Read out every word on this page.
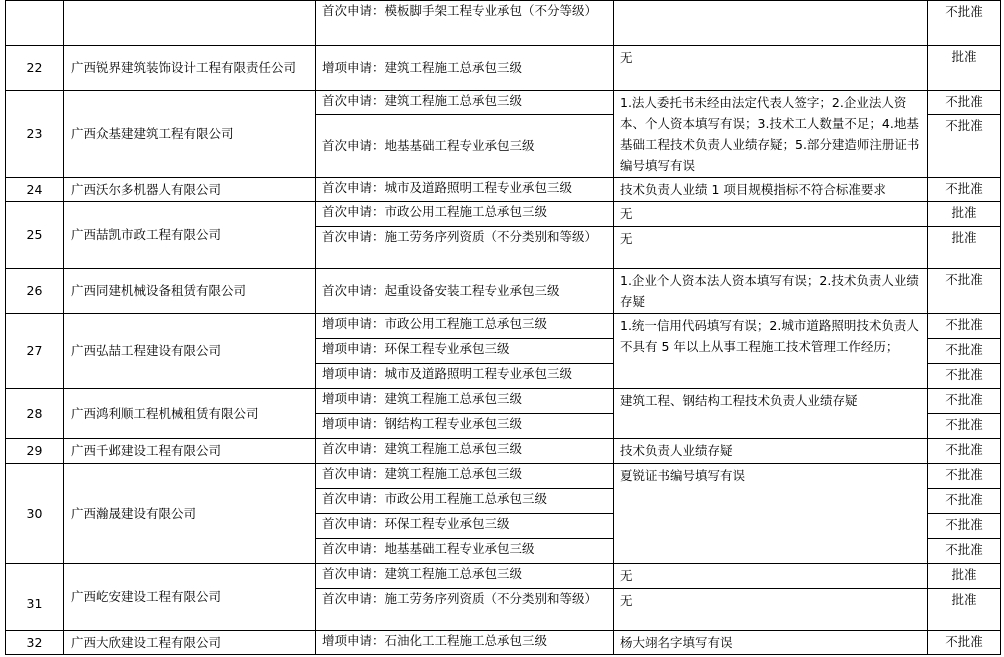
		首次申请：模板脚手架工程专业承包（不分等级）		不批准
22	广西锐界建筑装饰设计工程有限责任公司	增项申请：建筑工程施工总承包三级	无	批准
23	广西众基建建筑工程有限公司	首次申请：建筑工程施工总承包三级	1.法人委托书未经由法定代表人签字；2.企业法人资本、个人资本填写有误；3.技术工人数量不足；4.地基基础工程技术负责人业绩存疑；5.部分建造师注册证书编号填写有误	不批准
		首次申请：地基基础工程专业承包三级		不批准
24	广西沃尔多机器人有限公司	首次申请：城市及道路照明工程专业承包三级	技术负责人业绩 1 项目规模指标不符合标准要求	不批准
25	广西喆凯市政工程有限公司	首次申请：市政公用工程施工总承包三级	无	批准
		首次申请：施工劳务序列资质（不分类别和等级）	无	批准
26	广西同建机械设备租赁有限公司	首次申请：起重设备安装工程专业承包三级	1.企业个人资本法人资本填写有误；2.技术负责人业绩存疑	不批准
27	广西弘喆工程建设有限公司	增项申请：市政公用工程施工总承包三级	1.统一信用代码填写有误；2.城市道路照明技术负责人不具有 5 年以上从事工程施工技术管理工作经历；	不批准
		增项申请：环保工程专业承包三级		不批准
		增项申请：城市及道路照明工程专业承包三级		不批准
28	广西鸿利顺工程机械租赁有限公司	增项申请：建筑工程施工总承包三级	建筑工程、钢结构工程技术负责人业绩存疑	不批准
		增项申请：钢结构工程专业承包三级		不批准
29	广西千邺建设工程有限公司	首次申请：建筑工程施工总承包三级	技术负责人业绩存疑	不批准
30	广西瀚晟建设有限公司	首次申请：建筑工程施工总承包三级	夏锐证书编号填写有误	不批准
		首次申请：市政公用工程施工总承包三级		不批准
		首次申请：环保工程专业承包三级		不批准
		首次申请：地基基础工程专业承包三级		不批准
31	广西屹安建设工程有限公司	首次申请：建筑工程施工总承包三级	无	批准
		首次申请：施工劳务序列资质（不分类别和等级）	无	批准
32	广西大欣建设工程有限公司	增项申请：石油化工工程施工总承包三级	杨大翊名字填写有误	不批准
